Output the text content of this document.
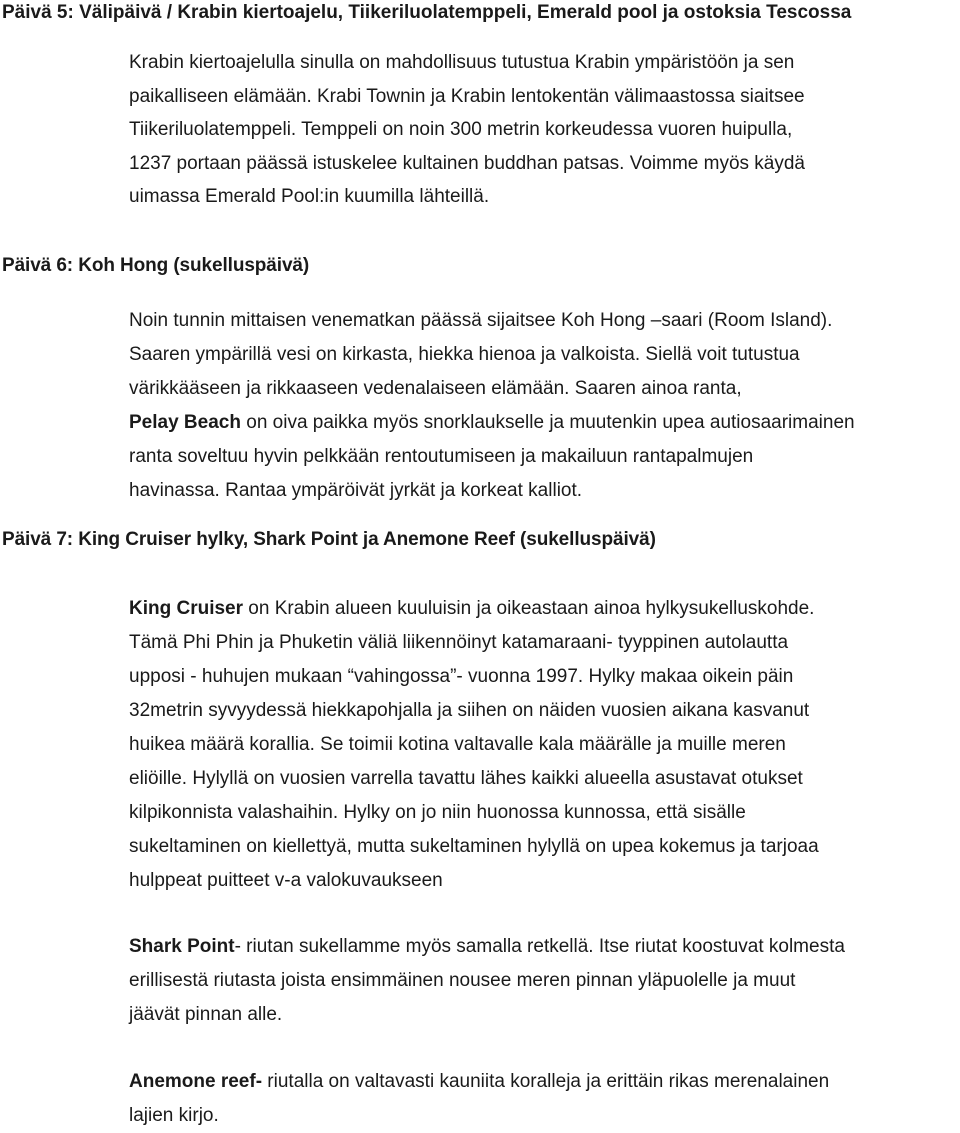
Päivä 5: Välipäivä / Krabin kiertoajelu, Tiikeriluolatemppeli, Emerald pool ja ostoksia Tescossa
Krabin kiertoajelulla sinulla on mahdollisuus tutustua Krabin ympäristöön ja sen
paikalliseen elämään. Krabi Townin ja Krabin lentokentän välimaastossa siaitsee
Tiikeriluolatemppeli. Temppeli on noin 300 metrin korkeudessa vuoren huipulla,
1237 portaan päässä istuskelee kultainen buddhan patsas. Voimme myös käydä
uimassa Emerald Pool:in kuumilla lähteillä.
Päivä 6: Koh Hong (sukelluspäivä)
Noin tunnin mittaisen venematkan päässä sijaitsee Koh Hong –saari (Room Island).
Saaren ympärillä vesi on kirkasta, hiekka hienoa ja valkoista. Siellä voit tutustua
värikkääseen ja rikkaaseen vedenalaiseen elämään. Saaren ainoa ranta,
Pelay Beach on oiva paikka myös snorklaukselle ja muutenkin upea autiosaarimainen
ranta soveltuu hyvin pelkkään rentoutumiseen ja makailuun rantapalmujen
havinassa. Rantaa ympäröivät jyrkät ja korkeat kalliot.
Päivä 7: King Cruiser hylky, Shark Point ja Anemone Reef (sukelluspäivä)
King Cruiser on Krabin alueen kuuluisin ja oikeastaan ainoa hylkysukelluskohde.
Tämä Phi Phin ja Phuketin väliä liikennöinyt katamaraani- tyyppinen autolautta
upposi - huhujen mukaan “vahingossa”- vuonna 1997. Hylky makaa oikein päin
32metrin syvyydessä hiekkapohjalla ja siihen on näiden vuosien aikana kasvanut
huikea määrä korallia. Se toimii kotina valtavalle kala määrälle ja muille meren
eliöille. Hylyllä on vuosien varrella tavattu lähes kaikki alueella asustavat otukset
kilpikonnista valashaihin. Hylky on jo niin huonossa kunnossa, että sisälle
sukeltaminen on kiellettyä, mutta sukeltaminen hylyllä on upea kokemus ja tarjoaa
hulppeat puitteet v-a valokuvaukseen
Shark Point- riutan sukellamme myös samalla retkellä. Itse riutat koostuvat kolmesta
erillisestä riutasta joista ensimmäinen nousee meren pinnan yläpuolelle ja muut
jäävät pinnan alle.
Anemone reef- riutalla on valtavasti kauniita koralleja ja erittäin rikas merenalainen
lajien kirjo.
